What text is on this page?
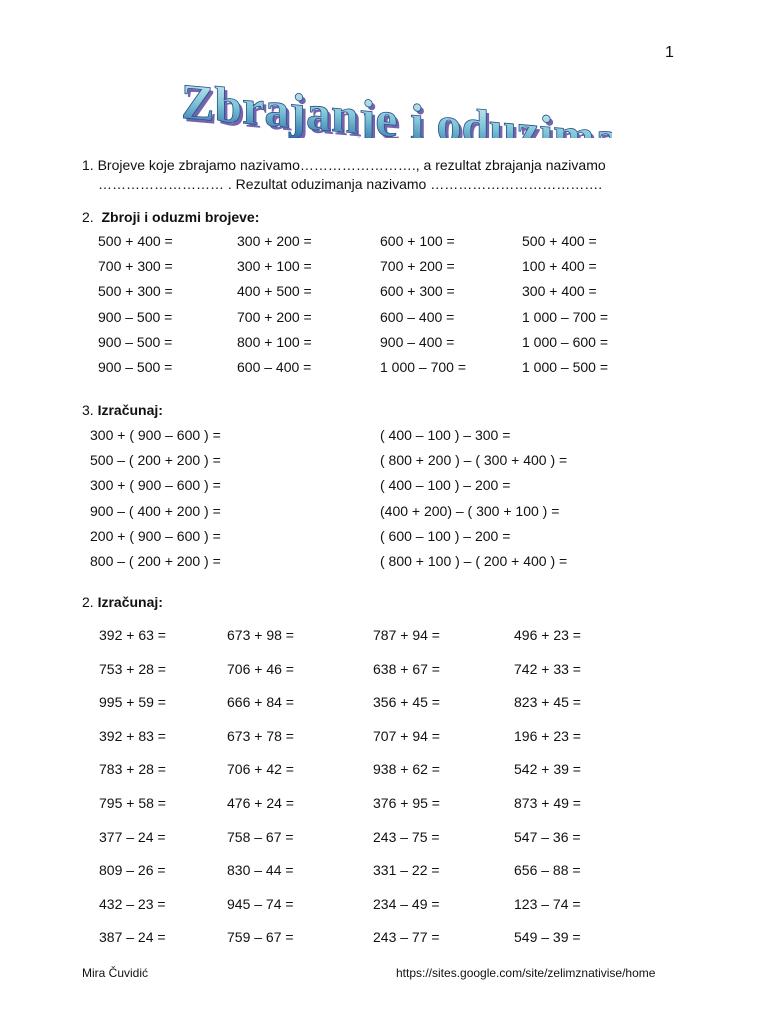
1
Zbrajanje i oduzimanje
Zbrajanje i oduzimanje
1. Brojeve koje zbrajamo nazivamo……………………., a rezultat zbrajanja nazivamo
……………………… . Rezultat oduzimanja nazivamo ……………………………….
2. Zbroji i oduzmi brojeve:
500 + 400 =	300 + 200 =	600 + 100 =	500 + 400 =
700 + 300 =	300 + 100 =	700 + 200 =	100 + 400 =
500 + 300 =	400 + 500 =	600 + 300 =	300 + 400 =
900 – 500 =	700 + 200 =	600 – 400 =	1 000 – 700 =
900 – 500 =	800 + 100 =	900 – 400 =	1 000 – 600 =
900 – 500 =	600 – 400 =	1 000 – 700 =	1 000 – 500 =
3. Izračunaj:
300 + ( 900 – 600 ) =	( 400 – 100 ) – 300 =
500 – ( 200 + 200 ) =	( 800 + 200 ) – ( 300 + 400 ) =
300 + ( 900 – 600 ) =	( 400 – 100 ) – 200 =
900 – ( 400 + 200 ) =	(400 + 200) – ( 300 + 100 ) =
200 + ( 900 – 600 ) =	( 600 – 100 ) – 200 =
800 – ( 200 + 200 ) =	( 800 + 100 ) – ( 200 + 400 ) =
2. Izračunaj:
392 + 63 =	673 + 98 =	787 + 94 =	496 + 23 =
753 + 28 =	706 + 46 =	638 + 67 =	742 + 33 =
995 + 59 =	666 + 84 =	356 + 45 =	823 + 45 =
392 + 83 =	673 + 78 =	707 + 94 =	196 + 23 =
783 + 28 =	706 + 42 =	938 + 62 =	542 + 39 =
795 + 58 =	476 + 24 =	376 + 95 =	873 + 49 =
377 – 24 =	758 – 67 =	243 – 75 =	547 – 36 =
809 – 26 =	830 – 44 =	331 – 22 =	656 – 88 =
432 – 23 =	945 – 74 =	234 – 49 =	123 – 74 =
387 – 24 =	759 – 67 =	243 – 77 =	549 – 39 =
Mira Čuvidić	https://sites.google.com/site/zelimznativise/home
